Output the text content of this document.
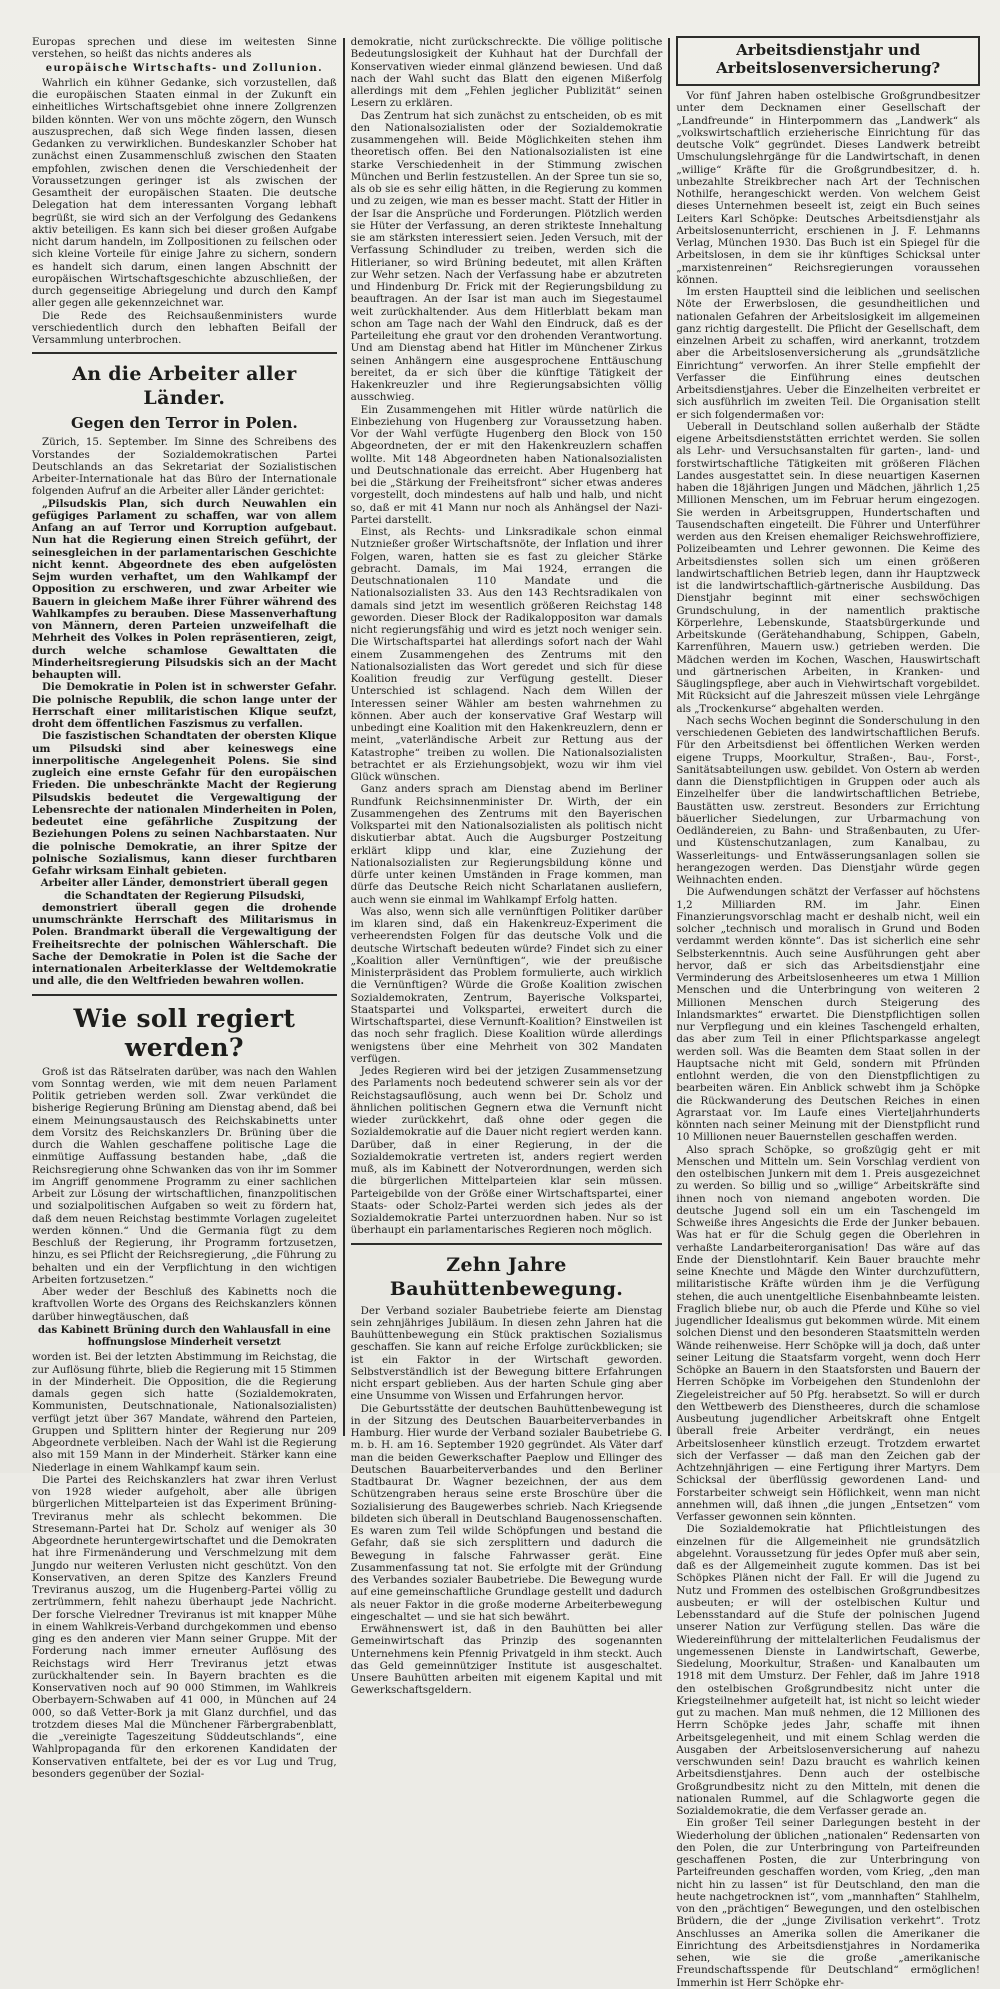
Europas sprechen und diese im weitesten Sinne verstehen, so heißt das nichts anderes als

europäische Wirtschafts- und Zollunion.

Wahrlich ein kühner Gedanke, sich vorzustellen, daß die europäischen Staaten einmal in der Zukunft ein einheitliches Wirtschaftsgebiet ohne innere Zollgrenzen bilden könnten. Wer von uns möchte zögern, den Wunsch auszusprechen, daß sich Wege finden lassen, diesen Gedanken zu verwirklichen. Bundeskanzler Schober hat zunächst einen Zusammenschluß zwischen den Staaten empfohlen, zwischen denen die Verschiedenheit der Voraussetzungen geringer ist als zwischen der Gesamtheit der europäischen Staaten. Die deutsche Delegation hat dem interessanten Vorgang lebhaft begrüßt, sie wird sich an der Verfolgung des Gedankens aktiv beteiligen. Es kann sich bei dieser großen Aufgabe nicht darum handeln, im Zollpositionen zu feilschen oder sich kleine Vorteile für einige Jahre zu sichern, sondern es handelt sich darum, einen langen Abschnitt der europäischen Wirtschaftsgeschichte abzuschließen, der durch gegenseitige Abriegelung und durch den Kampf aller gegen alle gekennzeichnet war.

Die Rede des Reichsaußenministers wurde verschiedentlich durch den lebhaften Beifall der Versammlung unterbrochen.

An die Arbeiter aller Länder.
Gegen den Terror in Polen.

Zürich, 15. September. Im Sinne des Schreibens des Vorstandes der Sozialdemokratischen Partei Deutschlands an das Sekretariat der Sozialistischen Arbeiter-Internationale hat das Büro der Internationale folgenden Aufruf an die Arbeiter aller Länder gerichtet:

„Pilsudskis Plan, sich durch Neuwahlen ein gefügiges Parlament zu schaffen, war von allem Anfang an auf Terror und Korruption aufgebaut. Nun hat die Regierung einen Streich geführt, der seinesgleichen in der parlamentarischen Geschichte nicht kennt. Abgeordnete des eben aufgelösten Sejm wurden verhaftet, um den Wahlkampf der Opposition zu erschweren, und zwar Arbeiter wie Bauern in gleichem Maße ihrer Führer während des Wahlkampfes zu berauben. Diese Massenverhaftung von Männern, deren Parteien unzweifelhaft die Mehrheit des Volkes in Polen repräsentieren, zeigt, durch welche schamlose Gewalttaten die Minderheitsregierung Pilsudskis sich an der Macht behaupten will.

Die Demokratie in Polen ist in schwerster Gefahr. Die polnische Republik, die schon lange unter der Herrschaft einer militaristischen Klique seufzt, droht dem öffentlichen Faszismus zu verfallen.

Die faszistischen Schandtaten der obersten Klique um Pilsudski sind aber keineswegs eine innerpolitische Angelegenheit Polens. Sie sind zugleich eine ernste Gefahr für den europäischen Frieden. Die unbeschränkte Macht der Regierung Pilsudskis bedeutet die Vergewaltigung der Lebensrechte der nationalen Minderheiten in Polen, bedeutet eine gefährliche Zuspitzung der Beziehungen Polens zu seinen Nachbarstaaten. Nur die polnische Demokratie, an ihrer Spitze der polnische Sozialismus, kann dieser furchtbaren Gefahr wirksam Einhalt gebieten.

Arbeiter aller Länder, demonstriert überall gegen die Schandtaten der Regierung Pilsudski,

demonstriert überall gegen die drohende unumschränkte Herrschaft des Militarismus in Polen. Brandmarkt überall die Vergewaltigung der Freiheitsrechte der polnischen Wählerschaft. Die Sache der Demokratie in Polen ist die Sache der internationalen Arbeiterklasse der Weltdemokratie und alle, die den Weltfrieden bewahren wollen.

Wie soll regiert werden?

Groß ist das Rätselraten darüber, was nach den Wahlen vom Sonntag werden, wie mit dem neuen Parlament Politik getrieben werden soll. Zwar verkündet die bisherige Regierung Brüning am Dienstag abend, daß bei einem Meinungsaustausch des Reichskabinetts unter dem Vorsitz des Reichskanzlers Dr. Brüning über die durch die Wahlen geschaffene politische Lage die einmütige Auffassung bestanden habe, „daß die Reichsregierung ohne Schwanken das von ihr im Sommer im Angriff genommene Programm zu einer sachlichen Arbeit zur Lösung der wirtschaftlichen, finanzpolitischen und sozialpolitischen Aufgaben so weit zu fördern hat, daß dem neuen Reichstag bestimmte Vorlagen zugeleitet werden können.“ Und die Germania fügt zu dem Beschluß der Regierung, ihr Programm fortzusetzen, hinzu, es sei Pflicht der Reichsregierung, „die Führung zu behalten und ein der Verpflichtung in den wichtigen Arbeiten fortzusetzen.“

Aber weder der Beschluß des Kabinetts noch die kraftvollen Worte des Organs des Reichskanzlers können darüber hinwegtäuschen, daß

das Kabinett Brüning durch den Wahlausfall in eine hoffnungslose Minderheit versetzt

worden ist. Bei der letzten Abstimmung im Reichstag, die zur Auflösung führte, blieb die Regierung mit 15 Stimmen in der Minderheit. Die Opposition, die die Regierung damals gegen sich hatte (Sozialdemokraten, Kommunisten, Deutschnationale, Nationalsozialisten) verfügt jetzt über 367 Mandate, während den Parteien, Gruppen und Splittern hinter der Regierung nur 209 Abgeordnete verbleiben. Nach der Wahl ist die Regierung also mit 159 Mann in der Minderheit. Stärker kann eine Niederlage in einem Wahlkampf kaum sein.

Die Partei des Reichskanzlers hat zwar ihren Verlust von 1928 wieder aufgeholt, aber alle übrigen bürgerlichen Mittelparteien ist das Experiment Brüning-Treviranus mehr als schlecht bekommen. Die Stresemann-Partei hat Dr. Scholz auf weniger als 30 Abgeordnete heruntergewirtschaftet und die Demokraten hat ihre Firmenänderung und Verschmelzung mit dem Jungdo nur weiteren Verlusten nicht geschützt. Von den Konservativen, an deren Spitze des Kanzlers Freund Treviranus auszog, um die Hugenberg-Partei völlig zu zertrümmern, fehlt nahezu überhaupt jede Nachricht. Der forsche Vielredner Treviranus ist mit knapper Mühe in einem Wahlkreis-Verband durchgekommen und ebenso ging es den anderen vier Mann seiner Gruppe. Mit der Forderung nach immer erneuter Auflösung des Reichstags wird Herr Treviranus jetzt etwas zurückhaltender sein. In Bayern brachten es die Konservativen noch auf 90 000 Stimmen, im Wahlkreis Oberbayern-Schwaben auf 41 000, in München auf 24 000, so daß Vetter-Bork ja mit Glanz durchfiel, und das trotzdem dieses Mal die Münchener Färbergrabenblatt, die „vereinigte Tageszeitung Süddeutschlands“, eine Wahlpropaganda für den erkorenen Kandidaten der Konservativen entfaltete, bei der es vor Lug und Trug, besonders gegenüber der Sozial-

demokratie, nicht zurückschreckte. Die völlige politische Bedeutungslosigkeit der Kuhhaut hat der Durchfall der Konservativen wieder einmal glänzend bewiesen. Und daß nach der Wahl sucht das Blatt den eigenen Mißerfolg allerdings mit dem „Fehlen jeglicher Publizität“ seinen Lesern zu erklären.

Das Zentrum hat sich zunächst zu entscheiden, ob es mit den Nationalsozialisten oder der Sozialdemokratie zusammengehen will. Beide Möglichkeiten stehen ihm theoretisch offen. Bei den Nationalsozialisten ist eine starke Verschiedenheit in der Stimmung zwischen München und Berlin festzustellen. An der Spree tun sie so, als ob sie es sehr eilig hätten, in die Regierung zu kommen und zu zeigen, wie man es besser macht. Statt der Hitler in der Isar die Ansprüche und Forderungen. Plötzlich werden sie Hüter der Verfassung, an deren strikteste Innehaltung sie am stärksten interessiert seien. Jeden Versuch, mit der Verfassung Schindluder zu treiben, werden sich die Hitlerianer, so wird Brüning bedeutet, mit allen Kräften zur Wehr setzen. Nach der Verfassung habe er abzutreten und Hindenburg Dr. Frick mit der Regierungsbildung zu beauftragen. An der Isar ist man auch im Siegestaumel weit zurückhaltender. Aus dem Hitlerblatt bekam man schon am Tage nach der Wahl den Eindruck, daß es der Parteileitung ehe graut vor den drohenden Verantwortung. Und am Dienstag abend hat Hitler im Münchener Zirkus seinen Anhängern eine ausgesprochene Enttäuschung bereitet, da er sich über die künftige Tätigkeit der Hakenkreuzler und ihre Regierungsabsichten völlig ausschwieg.

Ein Zusammengehen mit Hitler würde natürlich die Einbeziehung von Hugenberg zur Voraussetzung haben. Vor der Wahl verfügte Hugenberg den Block von 150 Abgeordneten, der er mit den Hakenkreuzlern schaffen wollte. Mit 148 Abgeordneten haben Nationalsozialisten und Deutschnationale das erreicht. Aber Hugenberg hat bei die „Stärkung der Freiheitsfront“ sicher etwas anderes vorgestellt, doch mindestens auf halb und halb, und nicht so, daß er mit 41 Mann nur noch als Anhängsel der Nazi-Partei darstellt.

Einst, als Rechts- und Linksradikale schon einmal Nutznießer großer Wirtschaftsnöte, der Inflation und ihrer Folgen, waren, hatten sie es fast zu gleicher Stärke gebracht. Damals, im Mai 1924, errangen die Deutschnationalen 110 Mandate und die Nationalsozialisten 33. Aus den 143 Rechtsradikalen von damals sind jetzt im wesentlich größeren Reichstag 148 geworden. Dieser Block der Radikaloppositon war damals nicht regierungsfähig und wird es jetzt noch weniger sein. Die Wirtschaftspartei hat allerdings sofort nach der Wahl einem Zusammengehen des Zentrums mit den Nationalsozialisten das Wort geredet und sich für diese Koalition freudig zur Verfügung gestellt. Dieser Unterschied ist schlagend. Nach dem Willen der Interessen seiner Wähler am besten wahrnehmen zu können. Aber auch der konservative Graf Westarp will unbedingt eine Koalition mit den Hakenkreuzlern, denn er meint, „vaterländische Arbeit zur Rettung aus der Katastrophe“ treiben zu wollen. Die Nationalsozialisten betrachtet er als Erziehungsobjekt, wozu wir ihm viel Glück wünschen.

Ganz anders sprach am Dienstag abend im Berliner Rundfunk Reichsinnenminister Dr. Wirth, der ein Zusammengehen des Zentrums mit den Bayerischen Volkspartei mit den Nationalsozialisten als politisch nicht diskutierbar abtat. Auch die Augsburger Postzeitung erklärt klipp und klar, eine Zuziehung der Nationalsozialisten zur Regierungsbildung könne und dürfe unter keinen Umständen in Frage kommen, man dürfe das Deutsche Reich nicht Scharlatanen ausliefern, auch wenn sie einmal im Wahlkampf Erfolg hatten.

Was also, wenn sich alle vernünftigen Politiker darüber im klaren sind, daß ein Hakenkreuz-Experiment die verheerendsten Folgen für das deutsche Volk und die deutsche Wirtschaft bedeuten würde? Findet sich zu einer „Koalition aller Vernünftigen“, wie der preußische Ministerpräsident das Problem formulierte, auch wirklich die Vernünftigen? Würde die Große Koalition zwischen Sozialdemokraten, Zentrum, Bayerische Volkspartei, Staatspartei und Volkspartei, erweitert durch die Wirtschaftspartei, diese Vernunft-Koalition? Einstweilen ist das noch sehr fraglich. Diese Koalition würde allerdings wenigstens über eine Mehrheit von 302 Mandaten verfügen.

Jedes Regieren wird bei der jetzigen Zusammensetzung des Parlaments noch bedeutend schwerer sein als vor der Reichstagsauflösung, auch wenn bei Dr. Scholz und ähnlichen politischen Gegnern etwa die Vernunft nicht wieder zurückkehrt, daß ohne oder gegen die Sozialdemokratie auf die Dauer nicht regiert werden kann. Darüber, daß in einer Regierung, in der die Sozialdemokratie vertreten ist, anders regiert werden muß, als im Kabinett der Notverordnungen, werden sich die bürgerlichen Mittelparteien klar sein müssen. Parteigebilde von der Größe einer Wirtschaftspartei, einer Staats- oder Scholz-Partei werden sich jedes als der Sozialdemokratie Partei unterzuordnen haben. Nur so ist überhaupt ein parlamentarisches Regieren noch möglich.

Zehn Jahre Bauhüttenbewegung.

Der Verband sozialer Baubetriebe feierte am Dienstag sein zehnjähriges Jubiläum. In diesen zehn Jahren hat die Bauhüttenbewegung ein Stück praktischen Sozialismus geschaffen. Sie kann auf reiche Erfolge zurückblicken; sie ist ein Faktor in der Wirtschaft geworden. Selbstverständlich ist der Bewegung bittere Erfahrungen nicht erspart geblieben. Aus der harten Schule ging aber eine Unsumme von Wissen und Erfahrungen hervor.

Die Geburtsstätte der deutschen Bauhüttenbewegung ist in der Sitzung des Deutschen Bauarbeiterverbandes in Hamburg. Hier wurde der Verband sozialer Baubetriebe G. m. b. H. am 16. September 1920 gegründet. Als Väter darf man die beiden Gewerkschafter Paeplow und Ellinger des Deutschen Bauarbeiterverbandes und den Berliner Stadtbaurat Dr. Wagner bezeichnen, der aus dem Schützengraben heraus seine erste Broschüre über die Sozialisierung des Baugewerbes schrieb. Nach Kriegsende bildeten sich überall in Deutschland Baugenossenschaften. Es waren zum Teil wilde Schöpfungen und bestand die Gefahr, daß sie sich zersplittern und dadurch die Bewegung in falsche Fahrwasser gerät. Eine Zusammenfassung tat not. Sie erfolgte mit der Gründung des Verbandes sozialer Baubetriebe. Die Bewegung wurde auf eine gemeinschaftliche Grundlage gestellt und dadurch als neuer Faktor in die große moderne Arbeiterbewegung eingeschaltet — und sie hat sich bewährt.

Erwähnenswert ist, daß in den Bauhütten bei aller Gemeinwirtschaft das Prinzip des sogenannten Unternehmens kein Pfennig Privatgeld in ihm steckt. Auch das Geld gemeinnütziger Institute ist ausgeschaltet. Unsere Bauhütten arbeiten mit eigenem Kapital und mit Gewerkschaftsgeldern.

Arbeitsdienstjahr und Arbeitslosenversicherung?

Vor fünf Jahren haben ostelbische Großgrundbesitzer unter dem Decknamen einer Gesellschaft der „Landfreunde“ in Hinterpommern das „Landwerk“ als „volkswirtschaftlich erzieherische Einrichtung für das deutsche Volk“ gegründet. Dieses Landwerk betreibt Umschulungslehrgänge für die Landwirtschaft, in denen „willige“ Kräfte für die Großgrundbesitzer, d. h. unbezahlte Streikbrecher nach Art der Technischen Nothilfe, herangeschickt werden. Von welchem Geist dieses Unternehmen beseelt ist, zeigt ein Buch seines Leiters Karl Schöpke: Deutsches Arbeitsdienstjahr als Arbeitslosenunterricht, erschienen in J. F. Lehmanns Verlag, München 1930. Das Buch ist ein Spiegel für die Arbeitslosen, in dem sie ihr künftiges Schicksal unter „marxistenreinen“ Reichsregierungen voraussehen können.

Im ersten Hauptteil sind die leiblichen und seelischen Nöte der Erwerbslosen, die gesundheitlichen und nationalen Gefahren der Arbeitslosigkeit im allgemeinen ganz richtig dargestellt. Die Pflicht der Gesellschaft, dem einzelnen Arbeit zu schaffen, wird anerkannt, trotzdem aber die Arbeitslosenversicherung als „grundsätzliche Einrichtung“ verworfen. An ihrer Stelle empfiehlt der Verfasser die Einführung eines deutschen Arbeitsdienstjahres. Ueber die Einzelheiten verbreitet er sich ausführlich im zweiten Teil. Die Organisation stellt er sich folgendermaßen vor:

Ueberall in Deutschland sollen außerhalb der Städte eigene Arbeitsdienststätten errichtet werden. Sie sollen als Lehr- und Versuchsanstalten für garten-, land- und forstwirtschaftliche Tätigkeiten mit größeren Flächen Landes ausgestattet sein. In diese neuartigen Kasernen haben die 18jährigen Jungen und Mädchen, jährlich 1,25 Millionen Menschen, um im Februar herum eingezogen. Sie werden in Arbeitsgruppen, Hundertschaften und Tausendschaften eingeteilt. Die Führer und Unterführer werden aus den Kreisen ehemaliger Reichswehroffiziere, Polizeibeamten und Lehrer gewonnen. Die Keime des Arbeitsdienstes sollen sich um einen größeren landwirtschaftlichen Betrieb legen, dann ihr Hauptzweck ist die landwirtschaftlich-gärtnerische Ausbildung. Das Dienstjahr beginnt mit einer sechswöchigen Grundschulung, in der namentlich praktische Körperlehre, Lebenskunde, Staatsbürgerkunde und Arbeitskunde (Gerätehandhabung, Schippen, Gabeln, Karrenführen, Mauern usw.) getrieben werden. Die Mädchen werden im Kochen, Waschen, Hauswirtschaft und gärtnerischen Arbeiten, in Kranken- und Säuglingspflege, aber auch in Viehwirtschaft vorgebildet. Mit Rücksicht auf die Jahreszeit müssen viele Lehrgänge als „Trockenkurse“ abgehalten werden.

Nach sechs Wochen beginnt die Sonderschulung in den verschiedenen Gebieten des landwirtschaftlichen Berufs. Für den Arbeitsdienst bei öffentlichen Werken werden eigene Trupps, Moorkultur, Straßen-, Bau-, Forst-, Sanitätsabteilungen usw. gebildet. Von Ostern ab werden dann die Dienstpflichtigen in Gruppen oder auch als Einzelhelfer über die landwirtschaftlichen Betriebe, Baustätten usw. zerstreut. Besonders zur Errichtung bäuerlicher Siedelungen, zur Urbarmachung von Oedländereien, zu Bahn- und Straßenbauten, zu Ufer- und Küstenschutzanlagen, zum Kanalbau, zu Wasserleitungs- und Entwässerungsanlagen sollen sie herangezogen werden. Das Dienstjahr würde gegen Weihnachten enden.

Die Aufwendungen schätzt der Verfasser auf höchstens 1,2 Milliarden RM. im Jahr. Einen Finanzierungsvorschlag macht er deshalb nicht, weil ein solcher „technisch und moralisch in Grund und Boden verdammt werden könnte“. Das ist sicherlich eine sehr Selbsterkenntnis. Auch seine Ausführungen geht aber hervor, daß er sich das Arbeitsdienstjahr eine Verminderung des Arbeitslosenheeres um etwa 1 Million Menschen und die Unterbringung von weiteren 2 Millionen Menschen durch Steigerung des Inlandsmarktes“ erwartet. Die Dienstpflichtigen sollen nur Verpflegung und ein kleines Taschengeld erhalten, das aber zum Teil in einer Pflichtsparkasse angelegt werden soll. Was die Beamten dem Staat sollen in der Hauptsache nicht mit Geld, sondern mit Pfründen entlohnt werden, die von den Dienstpflichtigen zu bearbeiten wären. Ein Anblick schwebt ihm ja Schöpke die Rückwanderung des Deutschen Reiches in einen Agrarstaat vor. Im Laufe eines Vierteljahrhunderts könnten nach seiner Meinung mit der Dienstpflicht rund 10 Millionen neuer Bauernstellen geschaffen werden.

Also sprach Schöpke, so großzügig geht er mit Menschen und Mitteln um. Sein Vorschlag verdient von den ostelbischen Junkern mit dem 1. Preis ausgezeichnet zu werden. So billig und so „willige“ Arbeitskräfte sind ihnen noch von niemand angeboten worden. Die deutsche Jugend soll ein um ein Taschengeld im Schweiße ihres Angesichts die Erde der Junker bebauen. Was hat er für die Schulg gegen die Oberlehren in verhaßte Landarbeiterorganisation! Das wäre auf das Ende der Dienstlohntarif. Kein Bauer brauchte mehr seine Knechte und Mägde den Winter durchzufüttern, militaristische Kräfte würden ihm je die Verfügung stehen, die auch unentgeltliche Eisenbahnbeamte leisten. Fraglich bliebe nur, ob auch die Pferde und Kühe so viel jugendlicher Idealismus gut bekommen würde. Mit einem solchen Dienst und den besonderen Staatsmitteln werden Wände reihenweise. Herr Schöpke will ja doch, daß unter seiner Leitung die Staatsfarm vorgeht, wenn doch Herr Schöpke an Bauern in den Staatsforsten und Bauern der Herren Schöpke im Vorbeigehen den Stundenlohn der Ziegeleistreicher auf 50 Pfg. herabsetzt. So will er durch den Wettbewerb des Dienstheeres, durch die schamlose Ausbeutung jugendlicher Arbeitskraft ohne Entgelt überall freie Arbeiter verdrängt, ein neues Arbeitslosenheer künstlich erzeugt. Trotzdem erwartet sich der Verfasser — daß man den Zeichen gab der Achtzehnjährigen — eine Fertigung ihrer Martyrs. Dem Schicksal der überflüssig gewordenen Land- und Forstarbeiter schweigt sein Höflichkeit, wenn man nicht annehmen will, daß ihnen „die jungen „Entsetzen“ vom Verfasser gewonnen sein könnten.

Die Sozialdemokratie hat Pflichtleistungen des einzelnen für die Allgemeinheit nie grundsätzlich abgelehnt. Voraussetzung für jedes Opfer muß aber sein, daß es der Allgemeinheit zugute kommen. Das ist bei Schöpkes Plänen nicht der Fall. Er will die Jugend zu Nutz und Frommen des ostelbischen Großgrundbesitzes ausbeuten; er will der ostelbischen Kultur und Lebensstandard auf die Stufe der polnischen Jugend unserer Nation zur Verfügung stellen. Das wäre die Wiedereinführung der mittelalterlichen Feudalismus der ungemessenen Dienste in Landwirtschaft, Gewerbe, Siedelung, Moorkultur, Straßen- und Kanalbauten um 1918 mit dem Umsturz. Der Fehler, daß im Jahre 1918 den ostelbischen Großgrundbesitz nicht unter die Kriegsteilnehmer aufgeteilt hat, ist nicht so leicht wieder gut zu machen. Man muß nehmen, die 12 Millionen des Herrn Schöpke jedes Jahr, schaffe mit ihnen Arbeitsgelegenheit, und mit einem Schlag werden die Ausgaben der Arbeitslosenversicherung auf nahezu verschwunden sein! Dazu braucht es wahrlich keinen Arbeitsdienstjahres. Denn auch der ostelbische Großgrundbesitz nicht zu den Mitteln, mit denen die nationalen Rummel, auf die Schlagworte gegen die Sozialdemokratie, die dem Verfasser gerade an.

Ein großer Teil seiner Darlegungen besteht in der Wiederholung der üblichen „nationalen“ Redensarten von den Polen, die zur Unterbringung von Parteifreunden geschaffenen Posten, die zur Unterbringung von Parteifreunden geschaffen worden, vom Krieg, „den man nicht hin zu lassen“ ist für Deutschland, den man die heute nachgetrocknen ist“, vom „mannhaften“ Stahlhelm, von den „prächtigen“ Bewegungen, und den ostelbischen Brüdern, die der „junge Zivilisation verkehrt“. Trotz Anschlusses an Amerika sollen die Amerikaner die Einrichtung des Arbeitsdienstjahres in Nordamerika sehen, wie sie die große „amerikanische Freundschaftsspende für Deutschland“ ermöglichen! Immerhin ist Herr Schöpke ehr-
